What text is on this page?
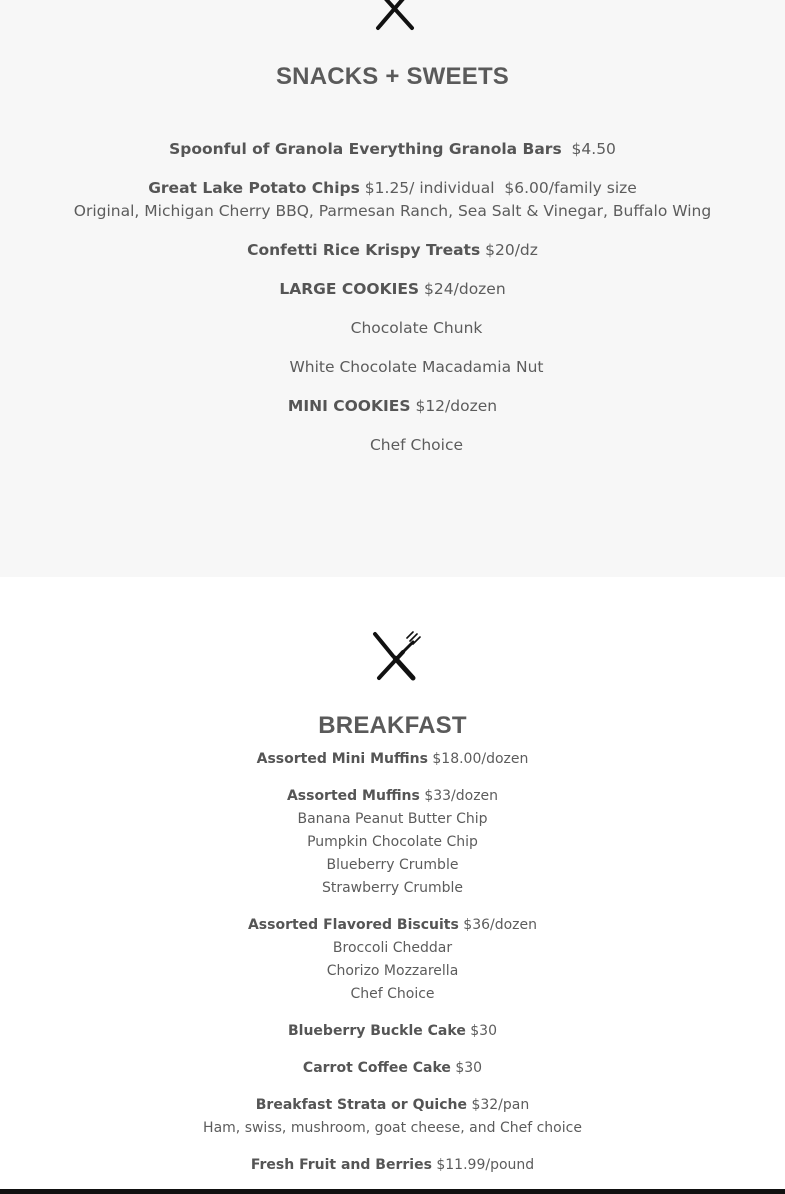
SNACKS + SWEETS
Spoonful of Granola Everything Granola Bars $4.50
Great Lake Potato Chips $1.25/ individual  $6.00/family size
Original, Michigan Cherry BBQ, Parmesan Ranch, Sea Salt & Vinegar, Buffalo Wing
Confetti Rice Krispy Treats $20/dz
LARGE COOKIES $24/dozen
Chocolate Chunk
White Chocolate Macadamia Nut
MINI COOKIES $12/dozen
Chef Choice
BREAKFAST
Assorted Mini Muffins $18.00/dozen
Assorted Muffins $33/dozen
Banana Peanut Butter Chip
Pumpkin Chocolate Chip
Blueberry Crumble
Strawberry Crumble
Assorted Flavored Biscuits $36/dozen
Broccoli Cheddar
Chorizo Mozzarella
Chef Choice
Blueberry Buckle Cake $30
Carrot Coffee Cake $30
Breakfast Strata or Quiche $32/pan
Ham, swiss, mushroom, goat cheese, and Chef choice
Fresh Fruit and Berries $11.99/pound
